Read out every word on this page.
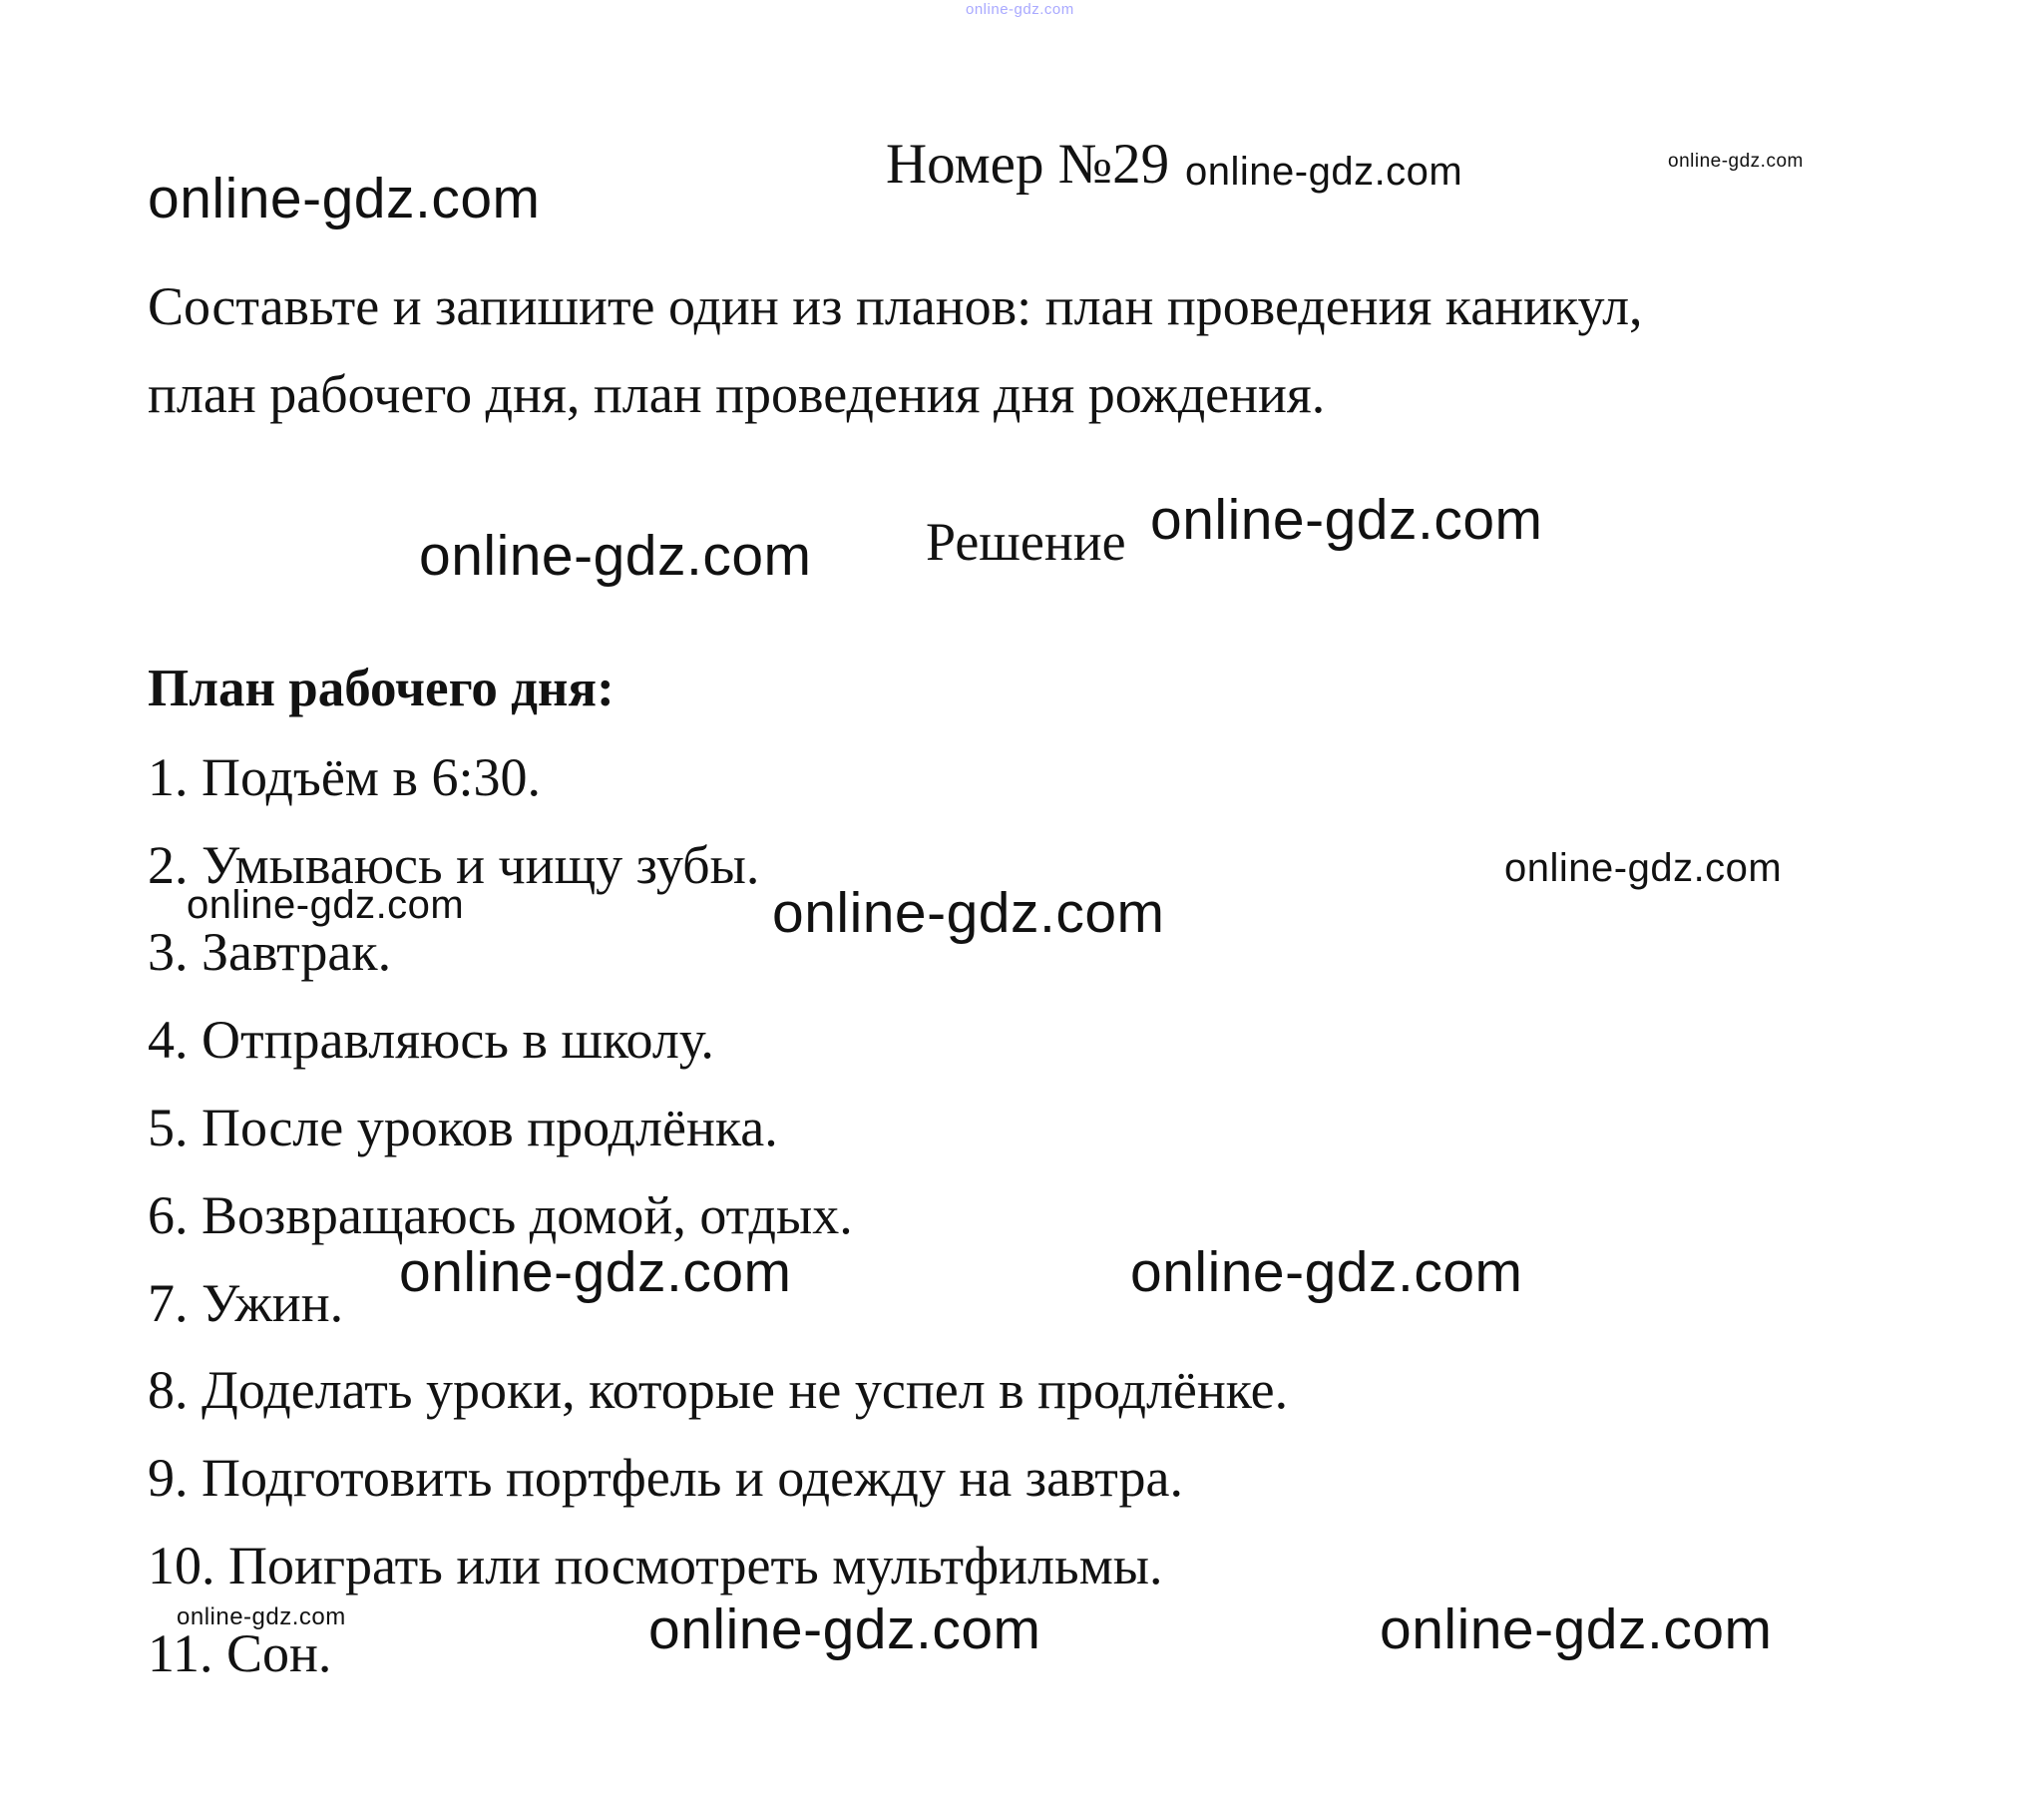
online-gdz.com
Номер №29
Составьте и запишите один из планов: план проведения каникул,
план рабочего дня, план проведения дня рождения.
Решение
План рабочего дня:
1. Подъём в 6:30.
2. Умываюсь и чищу зубы.
3. Завтрак.
4. Отправляюсь в школу.
5. После уроков продлёнка.
6. Возвращаюсь домой, отдых.
7. Ужин.
8. Доделать уроки, которые не успел в продлёнке.
9. Подготовить портфель и одежду на завтра.
10. Поиграть или посмотреть мультфильмы.
11. Сон.
online-gdz.com	online-gdz.com	online-gdz.com
online-gdz.com
online-gdz.com
online-gdz.com
online-gdz.com	online-gdz.com
online-gdz.com	online-gdz.com
online-gdz.com	online-gdz.com	online-gdz.com
